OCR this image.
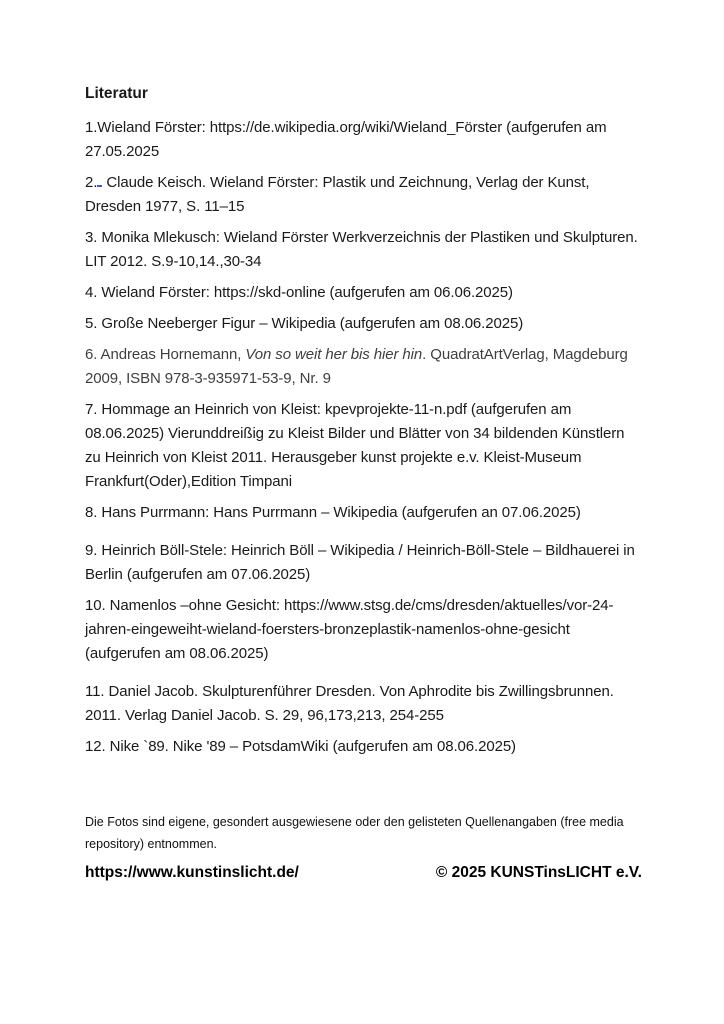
Literatur

1.Wieland Förster: https://de.wikipedia.org/wiki/Wieland_Förster (aufgerufen am 27.05.2025

2. Claude Keisch. Wieland Förster: Plastik und Zeichnung, Verlag der Kunst, Dresden 1977, S. 11–15

3. Monika Mlekusch: Wieland Förster Werkverzeichnis der Plastiken und Skulpturen. LIT 2012. S.9-10,14.,30-34

4. Wieland Förster: https://skd-online (aufgerufen am 06.06.2025)

5. Große Neeberger Figur – Wikipedia (aufgerufen am 08.06.2025)

6. Andreas Hornemann, Von so weit her bis hier hin. QuadratArtVerlag, Magdeburg 2009, ISBN 978-3-935971-53-9, Nr. 9

7. Hommage an Heinrich von Kleist: kpevprojekte-11-n.pdf (aufgerufen am 08.06.2025) Vierunddreißig zu Kleist Bilder und Blätter von 34 bildenden Künstlern zu Heinrich von Kleist 2011. Herausgeber kunst projekte e.v. Kleist-Museum Frankfurt(Oder),Edition Timpani

8. Hans Purrmann: Hans Purrmann – Wikipedia (aufgerufen an 07.06.2025)

9. Heinrich Böll-Stele: Heinrich Böll – Wikipedia / Heinrich-Böll-Stele – Bildhauerei in Berlin (aufgerufen am 07.06.2025)

10. Namenlos –ohne Gesicht: https://www.stsg.de/cms/dresden/aktuelles/vor-24-jahren-eingeweiht-wieland-foersters-bronzeplastik-namenlos-ohne-gesicht (aufgerufen am 08.06.2025)

11. Daniel Jacob. Skulpturenführer Dresden. Von Aphrodite bis Zwillingsbrunnen. 2011. Verlag Daniel Jacob. S. 29, 96,173,213, 254-255

12. Nike `89. Nike '89 – PotsdamWiki (aufgerufen am 08.06.2025)

Die Fotos sind eigene, gesondert ausgewiesene oder den gelisteten Quellenangaben (free media repository) entnommen.

https://www.kunstinslicht.de/	© 2025 KUNSTinsLICHT e.V.
